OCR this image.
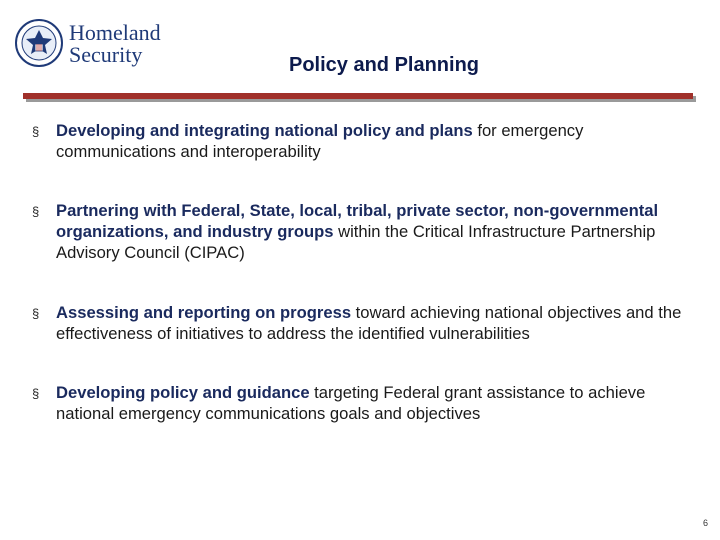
Homeland
Security	Policy and Planning
§ Developing and integrating national policy and plans for emergency communications and interoperability
§ Partnering with Federal, State, local, tribal, private sector, non-governmental organizations, and industry groups within the Critical Infrastructure Partnership Advisory Council (CIPAC)
§ Assessing and reporting on progress toward achieving national objectives and the effectiveness of initiatives to address the identified vulnerabilities
§ Developing policy and guidance targeting Federal grant assistance to achieve national emergency communications goals and objectives
6
